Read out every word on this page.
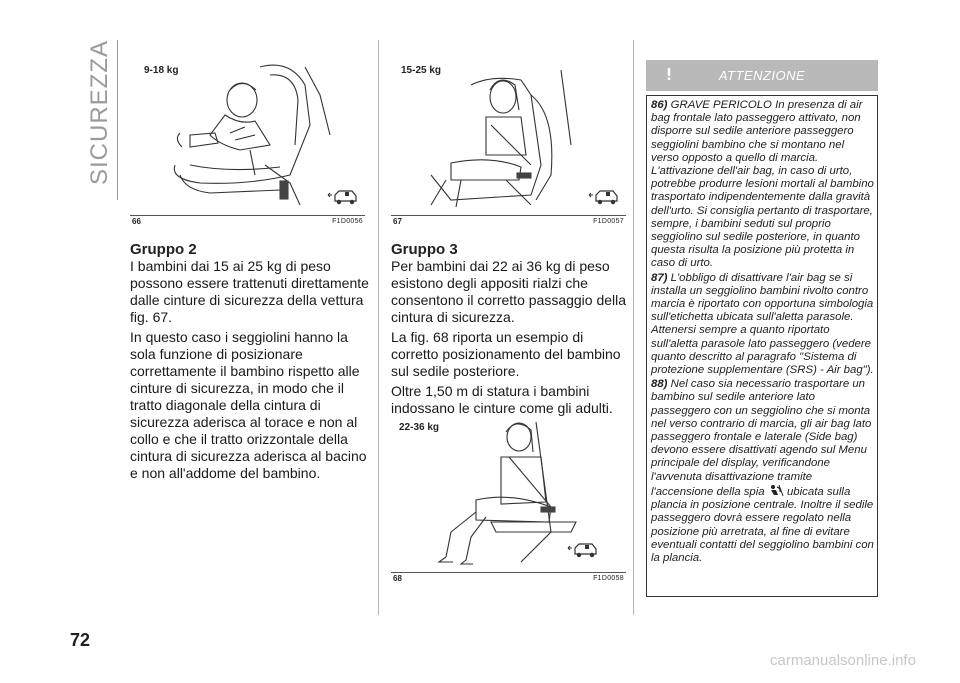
SICUREZZA	9-18 kg
66	F1D0056
15-25 kg
67	F1D0057
22-36 kg
68	F1D0058
Gruppo 2

I bambini dai 15 ai 25 kg di peso possono essere trattenuti direttamente dalle cinture di sicurezza della vettura fig. 67.

In questo caso i seggiolini hanno la sola funzione di posizionare correttamente il bambino rispetto alle cinture di sicurezza, in modo che il tratto diagonale della cintura di sicurezza aderisca al torace e non al collo e che il tratto orizzontale della cintura di sicurezza aderisca al bacino e non all'addome del bambino.

Gruppo 3

Per bambini dai 22 ai 36 kg di peso esistono degli appositi rialzi che consentono il corretto passaggio della cintura di sicurezza.

La fig. 68 riporta un esempio di corretto posizionamento del bambino sul sedile posteriore.

Oltre 1,50 m di statura i bambini indossano le cinture come gli adulti.

ATTENZIONE

86) GRAVE PERICOLO In presenza di air bag frontale lato passeggero attivato, non disporre sul sedile anteriore passeggero seggiolini bambino che si montano nel verso opposto a quello di marcia. L'attivazione dell'air bag, in caso di urto, potrebbe produrre lesioni mortali al bambino trasportato indipendentemente dalla gravità dell'urto. Si consiglia pertanto di trasportare, sempre, i bambini seduti sul proprio seggiolino sul sedile posteriore, in quanto questa risulta la posizione più protetta in caso di urto.

87) L'obbligo di disattivare l'air bag se si installa un seggiolino bambini rivolto contro marcia è riportato con opportuna simbologia sull'etichetta ubicata sull'aletta parasole. Attenersi sempre a quanto riportato sull'aletta parasole lato passeggero (vedere quanto descritto al paragrafo "Sistema di protezione supplementare (SRS) - Air bag").

88) Nel caso sia necessario trasportare un bambino sul sedile anteriore lato passeggero con un seggiolino che si monta nel verso contrario di marcia, gli air bag lato passeggero frontale e laterale (Side bag) devono essere disattivati agendo sul Menu principale del display, verificandone l'avvenuta disattivazione tramite l'accensione della spia ubicata sulla plancia in posizione centrale. Inoltre il sedile passeggero dovrà essere regolato nella posizione più arretrata, al fine di evitare eventuali contatti del seggiolino bambini con la plancia.

72
carmanualsonline.info
